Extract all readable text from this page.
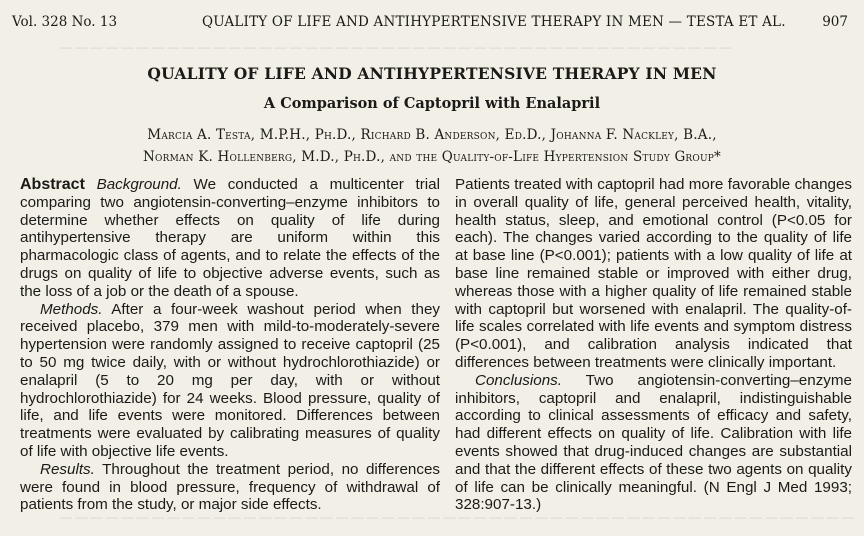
— — — — — — — — — — — — — — — — — — — — — — — — — — — — — — — — — — — — — — — — — — — —
— — — — — — — — — — — — — — — — — — — — — — — — — — — — — — — — — — — — — — — — — — — — — — — — — — — —
Vol. 328 No. 13	QUALITY OF LIFE AND ANTIHYPERTENSIVE THERAPY IN MEN — TESTA ET AL.	907
QUALITY OF LIFE AND ANTIHYPERTENSIVE THERAPY IN MEN
A Comparison of Captopril with Enalapril
Marcia A. Testa, M.P.H., Ph.D., Richard B. Anderson, Ed.D., Johanna F. Nackley, B.A.,
Norman K. Hollenberg, M.D., Ph.D., and the Quality-of-Life Hypertension Study Group*

Abstract Background. We conducted a multicenter trial comparing two angiotensin-converting–enzyme inhibitors to determine whether effects on quality of life during antihypertensive therapy are uniform within this pharmacologic class of agents, and to relate the effects of the drugs on quality of life to objective adverse events, such as the loss of a job or the death of a spouse.

Methods. After a four-week washout period when they received placebo, 379 men with mild-to-moderately-severe hypertension were randomly assigned to receive captopril (25 to 50 mg twice daily, with or without hydrochlorothiazide) or enalapril (5 to 20 mg per day, with or without hydrochlorothiazide) for 24 weeks. Blood pressure, quality of life, and life events were monitored. Differences between treatments were evaluated by calibrating measures of quality of life with objective life events.

Results. Throughout the treatment period, no differences were found in blood pressure, frequency of withdrawal of patients from the study, or major side effects.

Patients treated with captopril had more favorable changes in overall quality of life, general perceived health, vitality, health status, sleep, and emotional control (P<0.05 for each). The changes varied according to the quality of life at base line (P<0.001); patients with a low quality of life at base line remained stable or improved with either drug, whereas those with a higher quality of life remained stable with captopril but worsened with enalapril. The quality-of-life scales correlated with life events and symptom distress (P<0.001), and calibration analysis indicated that differences between treatments were clinically important.

Conclusions. Two angiotensin-converting–enzyme inhibitors, captopril and enalapril, indistinguishable according to clinical assessments of efficacy and safety, had different effects on quality of life. Calibration with life events showed that drug-induced changes are substantial and that the different effects of these two agents on quality of life can be clinically meaningful. (N Engl J Med 1993; 328:907-13.)
